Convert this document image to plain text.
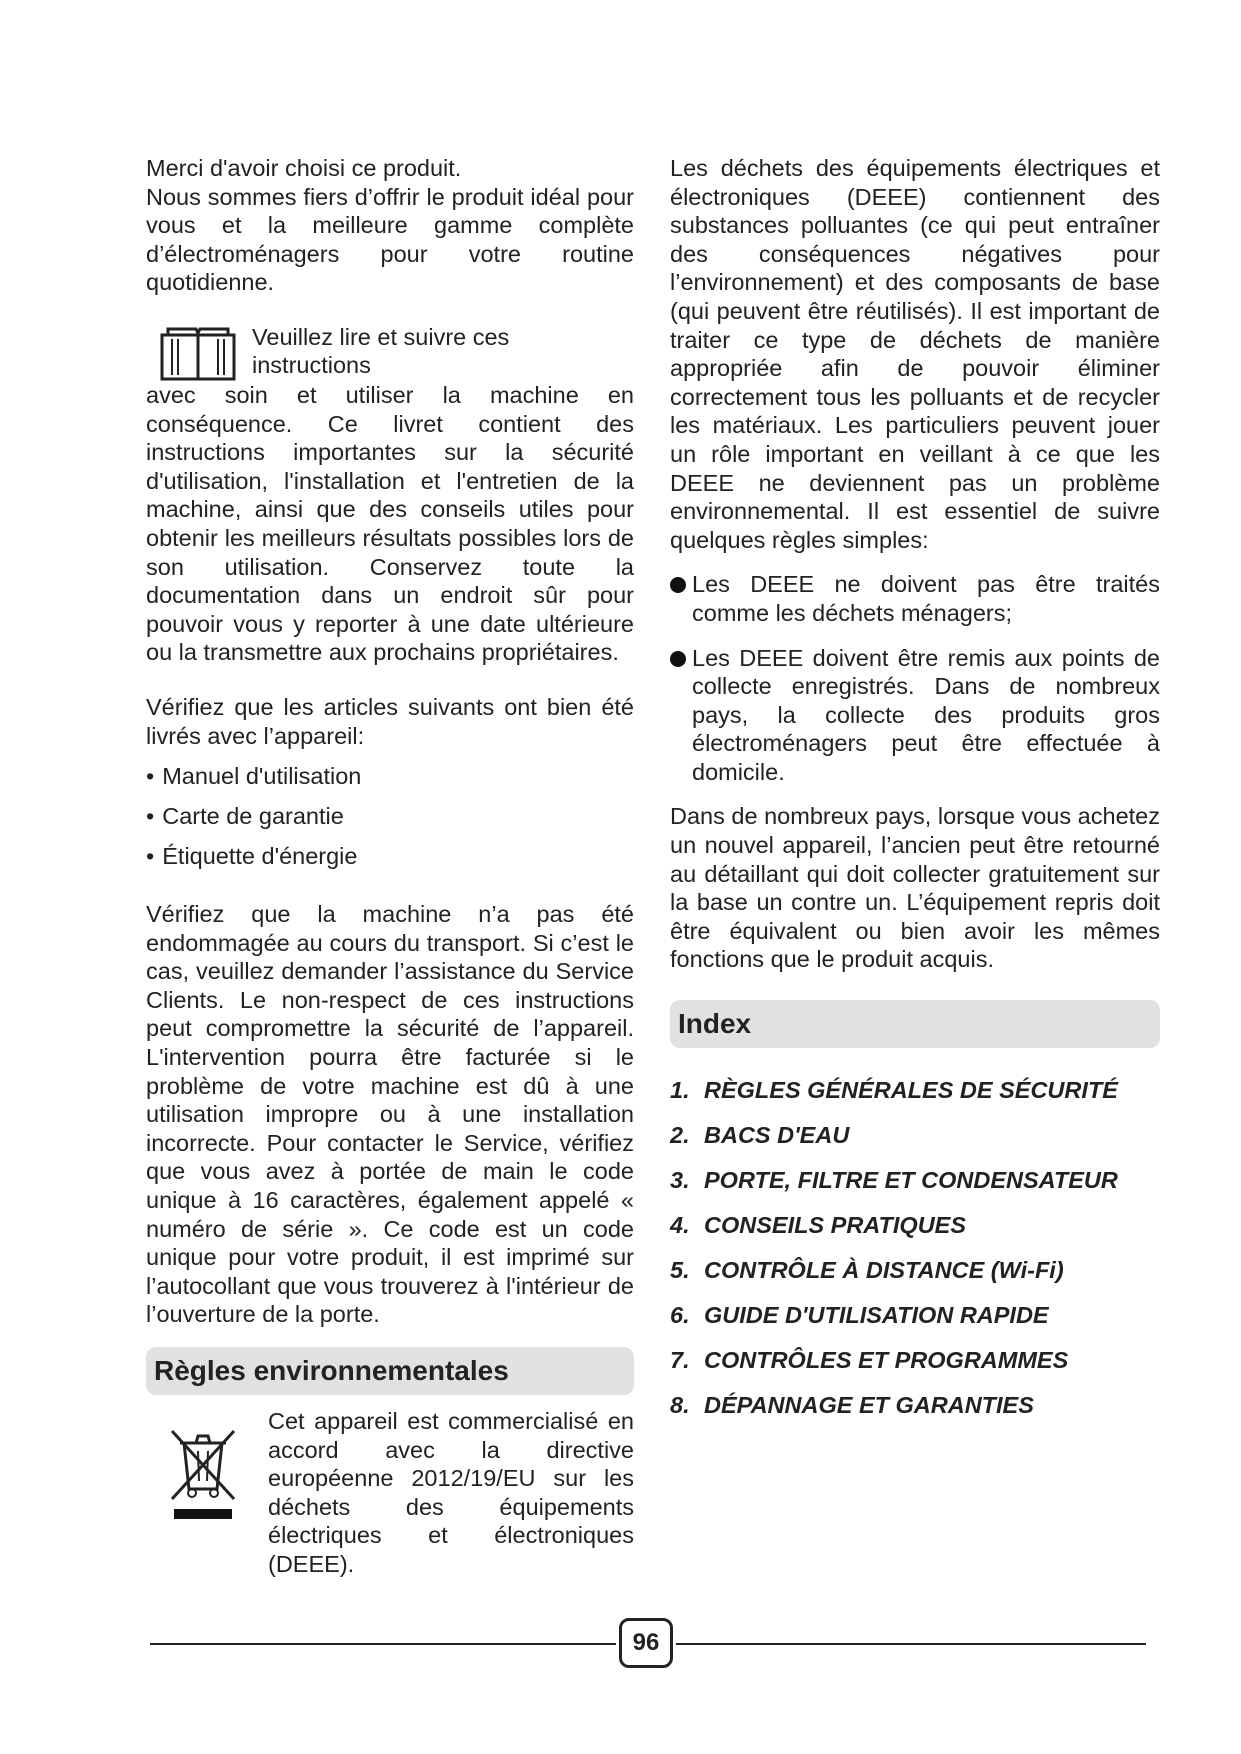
Merci d'avoir choisi ce produit.

Nous sommes fiers d’offrir le produit idéal pour vous et la meilleure gamme complète d’électroménagers pour votre routine quotidienne.

Veuillez lire et suivre ces instructions

avec soin et utiliser la machine en conséquence. Ce livret contient des instructions importantes sur la sécurité d'utilisation, l'installation et l'entretien de la machine, ainsi que des conseils utiles pour obtenir les meilleurs résultats possibles lors de son utilisation. Conservez toute la documentation dans un endroit sûr pour pouvoir vous y reporter à une date ultérieure ou la transmettre aux prochains propriétaires.

Vérifiez que les articles suivants ont bien été livrés avec l’appareil:

• Manuel d'utilisation
• Carte de garantie
• Étiquette d'énergie

Vérifiez que la machine n’a pas été endommagée au cours du transport. Si c’est le cas, veuillez demander l’assistance du Service Clients. Le non-respect de ces instructions peut compromettre la sécurité de l’appareil. L'intervention pourra être facturée si le problème de votre machine est dû à une utilisation impropre ou à une installation incorrecte. Pour contacter le Service, vérifiez que vous avez à portée de main le code unique à 16 caractères, également appelé « numéro de série ». Ce code est un code unique pour votre produit, il est imprimé sur l’autocollant que vous trouverez à l'intérieur de l’ouverture de la porte.

Règles environnementales

Cet appareil est commercialisé en accord avec la directive européenne 2012/19/EU sur les déchets des équipements électriques et électroniques (DEEE).

Les déchets des équipements électriques et électroniques (DEEE) contiennent des substances polluantes (ce qui peut entraîner des conséquences négatives pour l’environnement) et des composants de base (qui peuvent être réutilisés). Il est important de traiter ce type de déchets de manière appropriée afin de pouvoir éliminer correctement tous les polluants et de recycler les matériaux. Les particuliers peuvent jouer un rôle important en veillant à ce que les DEEE ne deviennent pas un problème environnemental. Il est essentiel de suivre quelques règles simples:

Les DEEE ne doivent pas être traités comme les déchets ménagers;
Les DEEE doivent être remis aux points de collecte enregistrés. Dans de nombreux pays, la collecte des produits gros électroménagers peut être effectuée à domicile.

Dans de nombreux pays, lorsque vous achetez un nouvel appareil, l’ancien peut être retourné au détaillant qui doit collecter gratuitement sur la base un contre un. L’équipement repris doit être équivalent ou bien avoir les mêmes fonctions que le produit acquis.

Index
1. RÈGLES GÉNÉRALES DE SÉCURITÉ
2. BACS D'EAU
3. PORTE, FILTRE ET CONDENSATEUR
4. CONSEILS PRATIQUES
5. CONTRÔLE À DISTANCE (Wi-Fi)
6. GUIDE D'UTILISATION RAPIDE
7. CONTRÔLES ET PROGRAMMES
8. DÉPANNAGE ET GARANTIES
96
